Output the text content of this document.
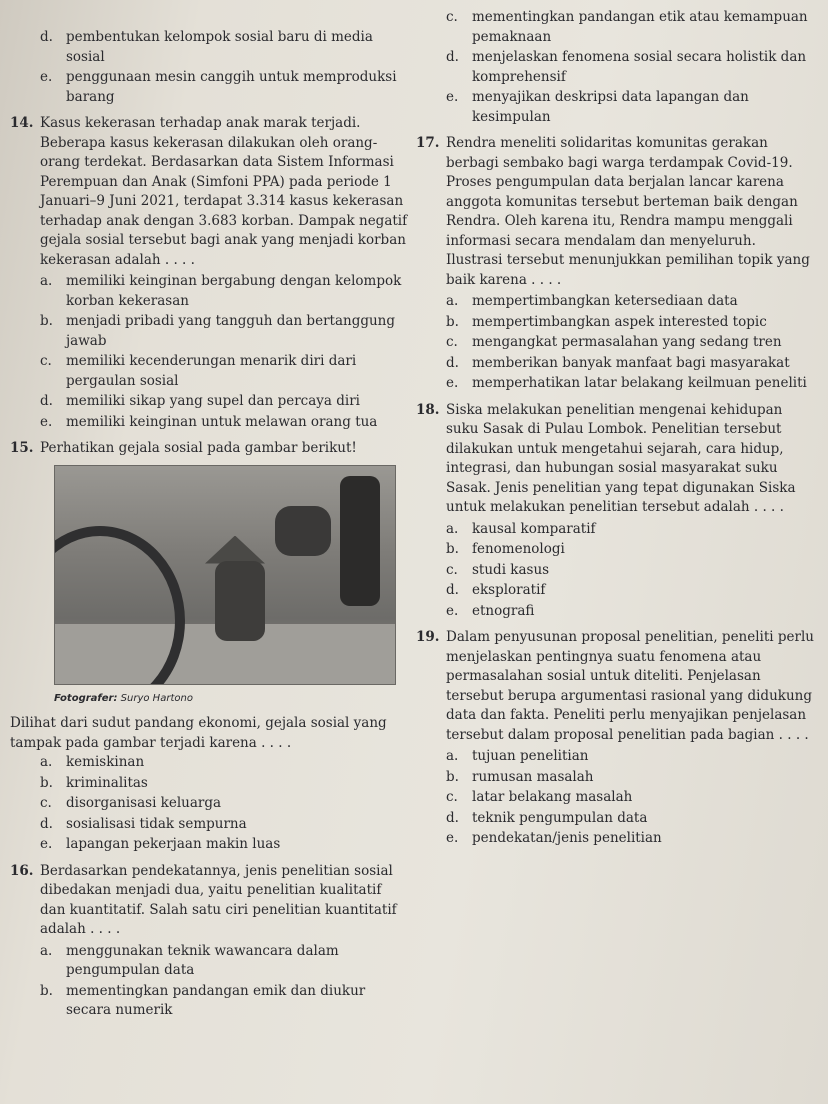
d. pembentukan kelompok sosial baru di media sosial
e.	penggunaan mesin canggih untuk memproduksi barang
14. Kasus kekerasan terhadap anak marak terjadi. Beberapa kasus kekerasan dilakukan oleh orang-orang terdekat. Berdasarkan data Sistem Informasi Perempuan dan Anak (Simfoni PPA) pada periode 1 Januari–9 Juni 2021, terdapat 3.314 kasus kekerasan terhadap anak dengan 3.683 korban. Dampak negatif gejala sosial tersebut bagi anak yang menjadi korban kekerasan adalah . . . .
a.	memiliki keinginan bergabung dengan kelompok korban kekerasan
b. menjadi pribadi yang tangguh dan bertanggung jawab
c.	memiliki kecenderungan menarik diri dari pergaulan sosial
d. memiliki sikap yang supel dan percaya diri
e.	memiliki keinginan untuk melawan orang tua
15. Perhatikan gejala sosial pada gambar berikut!
Fotografer: Suryo Hartono
Dilihat dari sudut pandang ekonomi, gejala sosial yang tampak pada gambar terjadi karena . . . .
a.	kemiskinan
b. kriminalitas
c.	disorganisasi keluarga
d. sosialisasi tidak sempurna
e.	lapangan pekerjaan makin luas
16. Berdasarkan pendekatannya, jenis penelitian sosial dibedakan menjadi dua, yaitu penelitian kualitatif dan kuantitatif. Salah satu ciri penelitian kuantitatif adalah . . . .
a.	menggunakan teknik wawancara dalam pengumpulan data
b. mementingkan pandangan emik dan diukur secara numerik
c.	mementingkan pandangan etik atau kemampuan pemaknaan
d. menjelaskan fenomena sosial secara holistik dan komprehensif
e.	menyajikan deskripsi data lapangan dan kesimpulan
17. Rendra meneliti solidaritas komunitas gerakan berbagi sembako bagi warga terdampak Covid-19. Proses pengumpulan data berjalan lancar karena anggota komunitas tersebut berteman baik dengan Rendra. Oleh karena itu, Rendra mampu menggali informasi secara mendalam dan menyeluruh. Ilustrasi tersebut menunjukkan pemilihan topik yang baik karena . . . .
a.	mempertimbangkan ketersediaan data
b. mempertimbangkan aspek interested topic
c.	mengangkat permasalahan yang sedang tren
d. memberikan banyak manfaat bagi masyarakat
e.	memperhatikan latar belakang keilmuan peneliti
18. Siska melakukan penelitian mengenai kehidupan suku Sasak di Pulau Lombok. Penelitian tersebut dilakukan untuk mengetahui sejarah, cara hidup, integrasi, dan hubungan sosial masyarakat suku Sasak. Jenis penelitian yang tepat digunakan Siska untuk melakukan penelitian tersebut adalah . . . .
a.	kausal komparatif
b. fenomenologi
c.	studi kasus
d. eksploratif
e.	etnografi
19. Dalam penyusunan proposal penelitian, peneliti perlu menjelaskan pentingnya suatu fenomena atau permasalahan sosial untuk diteliti. Penjelasan tersebut berupa argumentasi rasional yang didukung data dan fakta. Peneliti perlu menyajikan penjelasan tersebut dalam proposal penelitian pada bagian . . . .
a.	tujuan penelitian
b. rumusan masalah
c.	latar belakang masalah
d. teknik pengumpulan data
e.	pendekatan/jenis penelitian
